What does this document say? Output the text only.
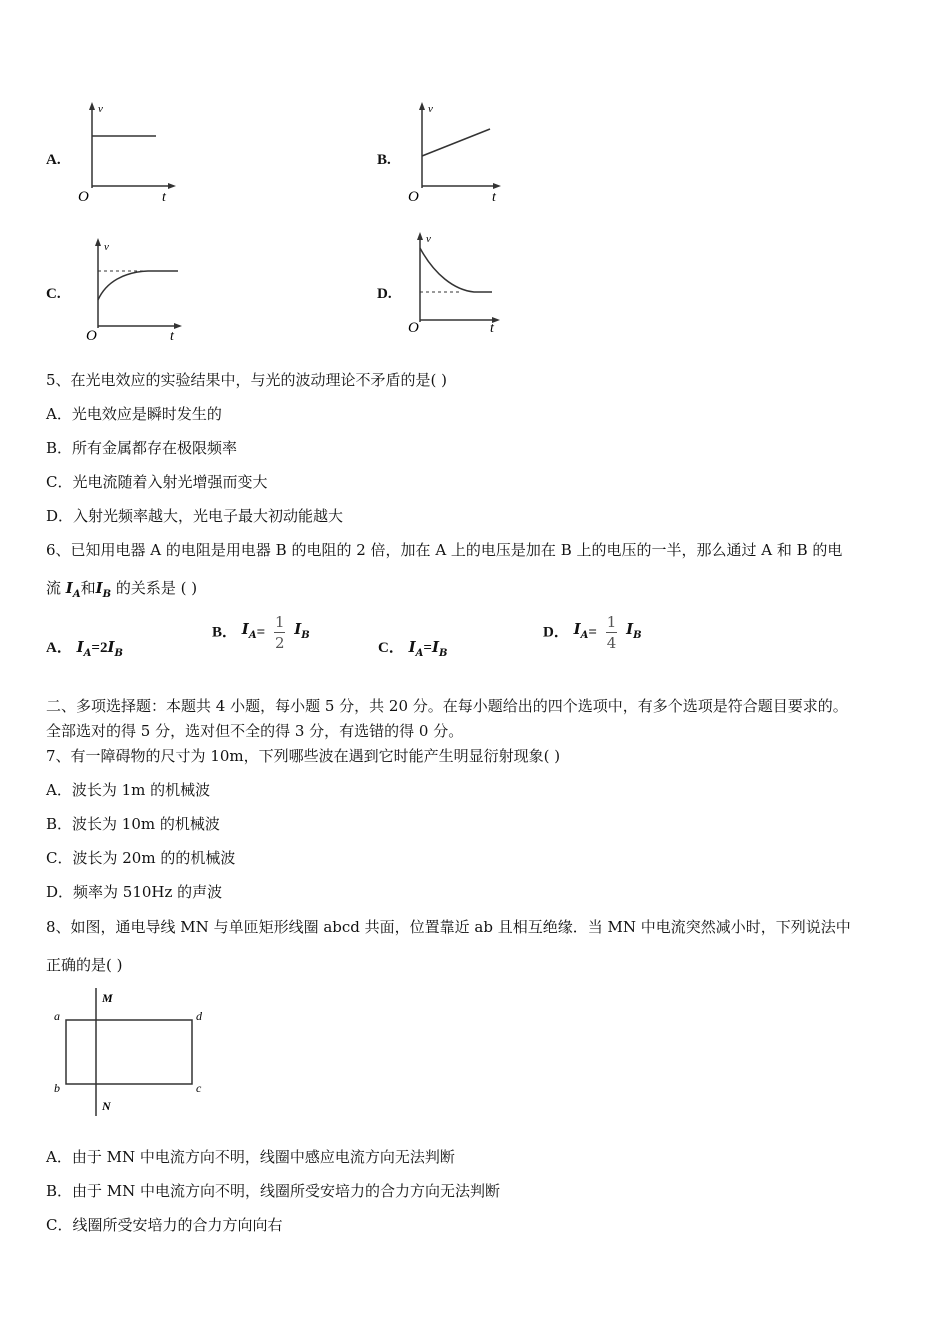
A.
v
O	t
B.
v
O	t
C.
v
O	t
D.
v
O	t
5、在光电效应的实验结果中，与光的波动理论不矛盾的是( )
A．光电效应是瞬时发生的
B．所有金属都存在极限频率
C．光电流随着入射光增强而变大
D．入射光频率越大，光电子最大初动能越大
6、已知用电器 A 的电阻是用电器 B 的电阻的 2 倍，加在 A 上的电压是加在 B 上的电压的一半，那么通过 A 和 B 的电
流 $I_A$和$I_B$ 的关系是 ( )
A． $I_A=2I_B$
B． $I_A= \frac{1}{2} I_B$
C． $I_A=I_B$
D． $I_A= \frac{1}{4} I_B$
二、多项选择题：本题共 4 小题，每小题 5 分，共 20 分。在每小题给出的四个选项中，有多个选项是符合题目要求的。
全部选对的得 5 分，选对但不全的得 3 分，有选错的得 0 分。
7、有一障碍物的尺寸为 10m，下列哪些波在遇到它时能产生明显衍射现象( )
A．波长为 1m 的机械波
B．波长为 10m 的机械波
C．波长为 20m 的的机械波
D．频率为 510Hz 的声波
8、如图，通电导线 MN 与单匝矩形线圈 abcd 共面，位置靠近 ab 且相互绝缘．当 MN 中电流突然减小时，下列说法中
正确的是( )
M
N
a
b	c
d
A．由于 MN 中电流方向不明，线圈中感应电流方向无法判断
B．由于 MN 中电流方向不明，线圈所受安培力的合力方向无法判断
C．线圈所受安培力的合力方向向右
